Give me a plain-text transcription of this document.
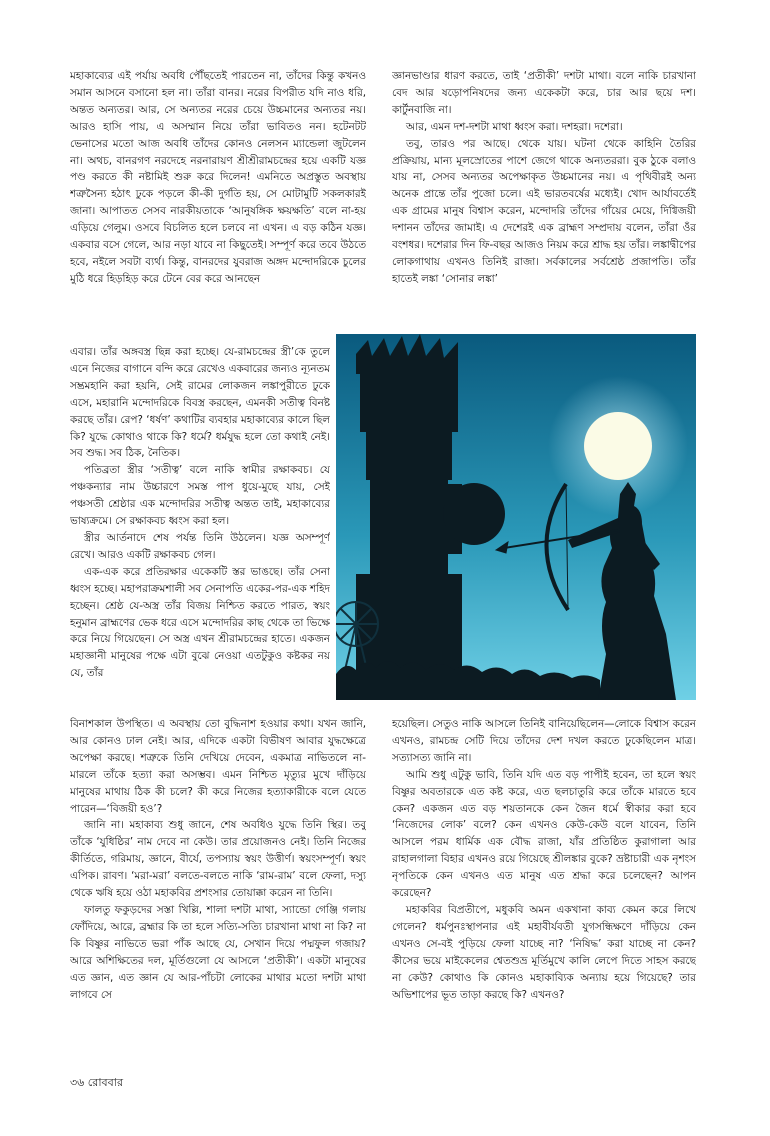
মহাকাব্যের এই পর্যায় অবধি পৌঁছতেই পারতেন না, তাঁদের কিন্তু কখনও সমান আসনে বসানো হল না। তাঁরা বানর। নরের বিপরীত যদি নাও ধরি, অন্তত অন্যতর। আর, সে অন্যতর নরের চেয়ে উচ্চমানের অন্যতর নয়। আরও হাসি পায়, এ অসম্মান নিয়ে তাঁরা ভাবিতও নন। হটেনটট ভেনাসের মতো আজ অবধি তাঁদের কোনও নেলসন ম্যান্ডেলা জুটলেন না। অথচ, বানরগণ নরদেহে নরনারায়ণ শ্রীশ্রীরামচন্দ্রের হয়ে একটি যজ্ঞ পণ্ড করতে কী নষ্টামিই শুরু করে দিলেন! এমনিতে অপ্রস্তুত অবস্থায় শত্রুসৈন্য হঠাৎ ঢুকে পড়লে কী-কী দুর্গতি হয়, সে মোটামুটি সকলকারই জানা। আপাতত সেসব নারকীয়তাকে ‘আনুষঙ্গিক ক্ষয়ক্ষতি’ বলে না-হয় এড়িয়ে গেলুম। ওসবে বিচলিত হলে চলবে না এখন। এ বড় কঠিন যজ্ঞ। একবার বসে গেলে, আর নড়া যাবে না কিছুতেই। সম্পূর্ণ করে তবে উঠতে হবে, নইলে সবটা ব্যর্থ। কিন্তু, বানরদের যুবরাজ অঙ্গদ মন্দোদরিকে চুলের মুঠি ধরে হিড়হিড় করে টেনে বের করে আনছেন

জ্ঞানভাণ্ডার ধারণ করতে, তাই ‘প্রতীকী’ দশটা মাথা। বলে নাকি চারখানা বেদ আর ষড়োপনিষদের জন্য একেকটা করে, চার আর ছয়ে দশ। কার্টুনবাজি না।

আর, এমন দশ-দশটা মাথা ধ্বংস করা। দশহরা। দশেরা।

তবু, তারও পর আছে। থেকে যায়। ঘটনা থেকে কাহিনি তৈরির প্রক্রিয়ায়, মান্য মূলস্রোতের পাশে জেগে থাকে অন্যতররা। বুক ঠুকে বলাও যায় না, সেসব অন্যতর অপেক্ষাকৃত উচ্চমানের নয়। এ পৃথিবীরই অন্য অনেক প্রান্তে তাঁর পুজো চলে। এই ভারতবর্ষের মধ্যেই। খোদ আর্যাবর্তেই এক গ্রামের মানুষ বিশ্বাস করেন, মন্দোদরি তাঁদের গাঁয়ের মেয়ে, দিগ্বিজয়ী দশানন তাঁদের জামাই। এ দেশেরই এক ব্রাহ্মণ সম্প্রদায় বলেন, তাঁরা ওঁর বংশধর। দশেরার দিন ফি-বছর আজও নিয়ম করে শ্রাদ্ধ হয় তাঁর। লঙ্কাদ্বীপের লোকগাথায় এখনও তিনিই রাজা। সর্বকালের সর্বশ্রেষ্ঠ প্রজাপতি। তাঁর হাতেই লঙ্কা ‘সোনার লঙ্কা’

এবার। তাঁর অঙ্গবস্ত্র ছিন্ন করা হচ্ছে। যে-রামচন্দ্রের স্ত্রী’কে তুলে এনে নিজের বাগানে বন্দি করে রেখেও একবারের জন্যও ন্যূনতম সম্ভ্রমহানি করা হয়নি, সেই রামের লোকজন লঙ্কাপুরীতে ঢুকে এসে, মহারানি মন্দোদরিকে বিবস্ত্র করছেন, এমনকী সতীত্ব বিনষ্ট করছে তাঁর। রেপ? ‘ধর্ষণ’ কথাটির ব্যবহার মহাকাব্যের কালে ছিল কি? যুদ্ধে কোথাও থাকে কি? ধর্মে? ধর্মযুদ্ধ হলে তো কথাই নেই। সব শুদ্ধ। সব ঠিক, নৈতিক।

পতিব্রতা স্ত্রীর ‘সতীত্ব’ বলে নাকি স্বামীর রক্ষাকবচ। যে পঞ্চকন্যার নাম উচ্চারণে সমস্ত পাপ ধুয়ে-মুছে যায়, সেই পঞ্চসতী শ্রেষ্ঠার এক মন্দোদরির সতীত্ব অন্তত তাই, মহাকাব্যের ভাষ্যক্রমে। সে রক্ষাকবচ ধ্বংস করা হল।

স্ত্রীর আর্তনাদে শেষ পর্যন্ত তিনি উঠলেন। যজ্ঞ অসম্পূর্ণ রেখে। আরও একটি রক্ষাকবচ গেল।

এক-এক করে প্রতিরক্ষার একেকটি স্তর ভাঙছে। তাঁর সেনা ধ্বংস হচ্ছে। মহাপরাক্রমশালী সব সেনাপতি একের-পর-এক শহিদ হচ্ছেন। শ্রেষ্ঠ যে-অস্ত্র তাঁর বিজয় নিশ্চিত করতে পারত, স্বয়ং হনুমান ব্রাহ্মণের ভেক ধরে এসে মন্দোদরির কাছ থেকে তা ভিক্ষে করে নিয়ে গিয়েছেন। সে অস্ত্র এখন শ্রীরামচন্দ্রের হাতে। একজন মহাজ্ঞানী মানুষের পক্ষে এটা বুঝে নেওয়া এতটুকুও কষ্টকর নয় যে, তাঁর

বিনাশকাল উপস্থিত। এ অবস্থায় তো বুদ্ধিনাশ হওয়ার কথা। যখন জানি, আর কোনও ঢাল নেই। আর, এদিকে একটা বিভীষণ আবার যুদ্ধক্ষেত্রে অপেক্ষা করছে। শত্রুকে তিনি দেখিয়ে দেবেন, একমাত্র নাভিতলে না-মারলে তাঁকে হত্যা করা অসম্ভব। এমন নিশ্চিত মৃত্যুর মুখে দাঁড়িয়ে মানুষের মাথায় ঠিক কী চলে? কী করে নিজের হত্যাকারীকে বলে যেতে পারেন—‘বিজয়ী হও’?

জানি না। মহাকাব্য শুধু জানে, শেষ অবধিও যুদ্ধে তিনি স্থির। তবু তাঁকে ‘যুধিষ্ঠির’ নাম দেবে না কেউ। তার প্রয়োজনও নেই। তিনি নিজের কীর্তিতে, গরিমায়, জ্ঞানে, বীর্যে, তপস্যায় স্বয়ং উত্তীর্ণ। স্বয়ংসম্পূর্ণ। স্বয়ং এপিক। রাবণ। ‘মরা-মরা’ বলতে-বলতে নাকি ‘রাম-রাম’ বলে ফেলা, দস্যু থেকে ঋষি হয়ে ওঠা মহাকবির প্রশংসার তোয়াক্কা করেন না তিনি।

ফালতু ফকুড়দের সস্তা খিল্লি, শালা দশটা মাথা, স্যান্ডো গেঞ্জি গলায় ফোঁদিয়ে, আরে, ব্রহ্মার কি তা হলে সত্যি-সত্যি চারখানা মাথা না কি? না কি বিষ্ণুর নাভিতে ভরা পাঁক আছে যে, সেখান দিয়ে পদ্মফুল গজায়? আরে অশিক্ষিতের দল, মূর্তিগুলো যে আসলে ‘প্রতীকী’। একটা মানুষের এত জ্ঞান, এত জ্ঞান যে আর-পাঁচটা লোকের মাথার মতো দশটা মাথা লাগবে সে

হয়েছিল। সেতুও নাকি আসলে তিনিই বানিয়েছিলেন—লোকে বিশ্বাস করেন এখনও, রামচন্দ্র সেটি দিয়ে তাঁদের দেশ দখল করতে ঢুকেছিলেন মাত্র। সত্যাসত্য জানি না।

আমি শুধু এটুকু ভাবি, তিনি যদি এত বড় পাপীই হবেন, তা হলে স্বয়ং বিষ্ণুর অবতারকে এত কষ্ট করে, এত ছলচাতুরি করে তাঁকে মারতে হবে কেন? একজন এত বড় শয়তানকে কেন জৈন ধর্মে স্বীকার করা হবে ‘নিজেদের লোক’ বলে? কেন এখনও কেউ-কেউ বলে যাবেন, তিনি আসলে পরম ধার্মিক এক বৌদ্ধ রাজা, যাঁর প্রতিষ্ঠিত কুরাগালা আর রাহালগালা বিহার এখনও রয়ে গিয়েছে শ্রীলঙ্কার বুকে? ভ্রষ্টাচারী এক নৃশংস নৃপতিকে কেন এখনও এত মানুষ এত শ্রদ্ধা করে চলেছেন? আপন করেছেন?

মহাকবির বিপ্রতীপে, মধুকবি অমন একখানা কাব্য কেমন করে লিখে গেলেন? ধর্মপুনঃস্থাপনার এই মহাবীর্যবতী যুগসন্ধিক্ষণে দাঁড়িয়ে কেন এখনও সে-বই পুড়িয়ে ফেলা যাচ্ছে না? ‘নিষিদ্ধ’ করা যাচ্ছে না কেন? কীসের ভয়ে মাইকেলের শ্বেতশুভ্র মূর্তিমুখে কালি লেপে দিতে সাহস করছে না কেউ? কোথাও কি কোনও মহাকাব্যিক অন্যায় হয়ে গিয়েছে? তার অভিশাপের ভূত তাড়া করছে কি? এখনও?

৩৬ রোববার
